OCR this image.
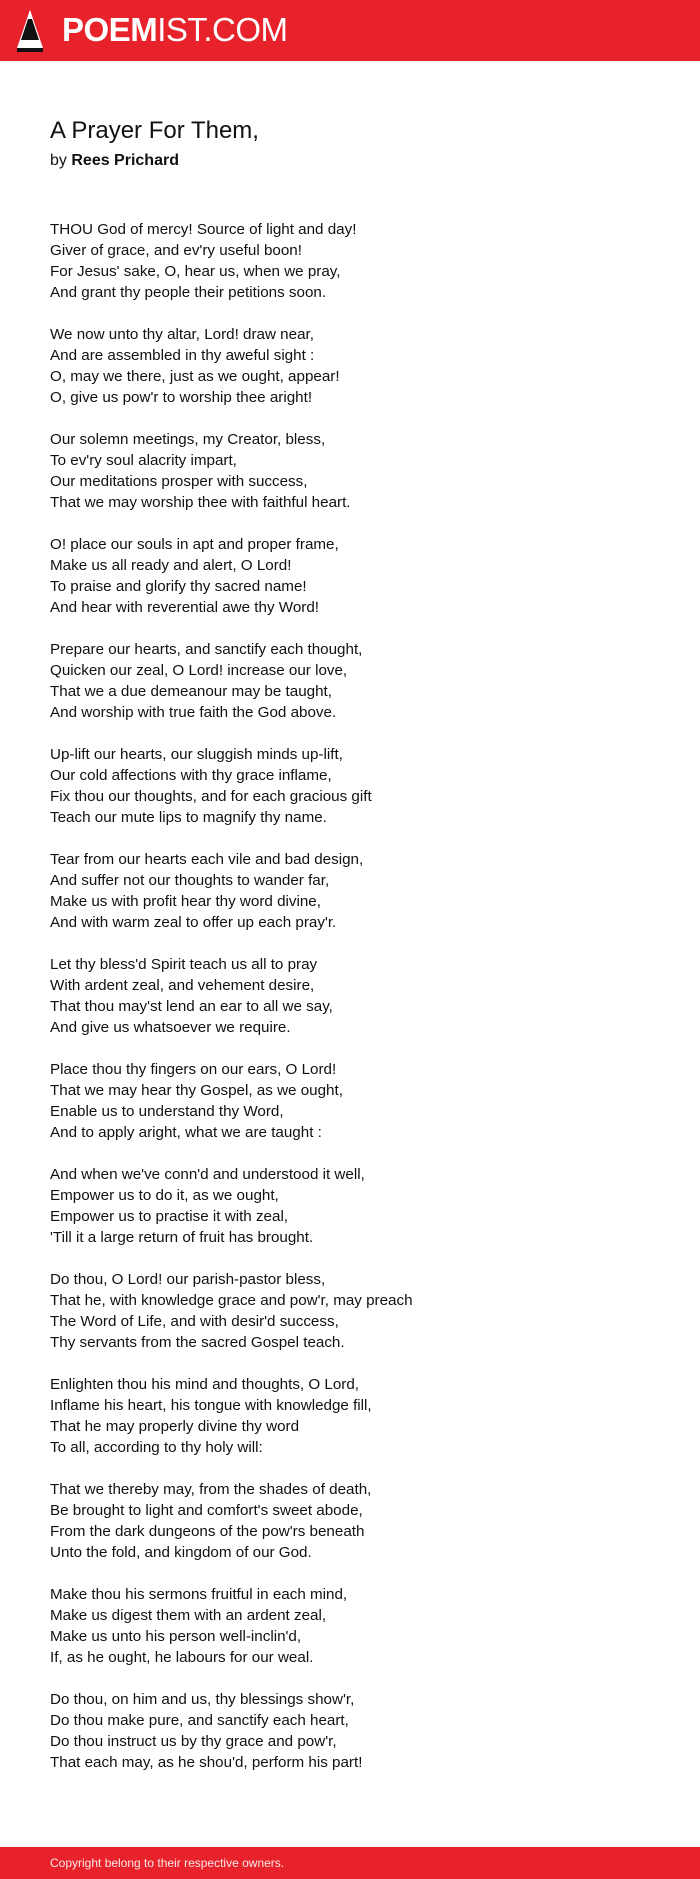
POEMIST.COM
A Prayer For Them,
by Rees Prichard
THOU God of mercy! Source of light and day!
Giver of grace, and ev'ry useful boon!
For Jesus' sake, O, hear us, when we pray,
And grant thy people their petitions soon.
We now unto thy altar, Lord! draw near,
And are assembled in thy aweful sight :
O, may we there, just as we ought, appear!
O, give us pow'r to worship thee aright!
Our solemn meetings, my Creator, bless,
To ev'ry soul alacrity impart,
Our meditations prosper with success,
That we may worship thee with faithful heart.
O! place our souls in apt and proper frame,
Make us all ready and alert, O Lord!
To praise and glorify thy sacred name!
And hear with reverential awe thy Word!
Prepare our hearts, and sanctify each thought,
Quicken our zeal, O Lord! increase our love,
That we a due demeanour may be taught,
And worship with true faith the God above.
Up-lift our hearts, our sluggish minds up-lift,
Our cold affections with thy grace inflame,
Fix thou our thoughts, and for each gracious gift
Teach our mute lips to magnify thy name.
Tear from our hearts each vile and bad design,
And suffer not our thoughts to wander far,
Make us with profit hear thy word divine,
And with warm zeal to offer up each pray'r.
Let thy bless'd Spirit teach us all to pray
With ardent zeal, and vehement desire,
That thou may'st lend an ear to all we say,
And give us whatsoever we require.
Place thou thy fingers on our ears, O Lord!
That we may hear thy Gospel, as we ought,
Enable us to understand thy Word,
And to apply aright, what we are taught :
And when we've conn'd and understood it well,
Empower us to do it, as we ought,
Empower us to practise it with zeal,
'Till it a large return of fruit has brought.
Do thou, O Lord! our parish-pastor bless,
That he, with knowledge grace and pow'r, may preach
The Word of Life, and with desir'd success,
Thy servants from the sacred Gospel teach.
Enlighten thou his mind and thoughts, O Lord,
Inflame his heart, his tongue with knowledge fill,
That he may properly divine thy word
To all, according to thy holy will:
That we thereby may, from the shades of death,
Be brought to light and comfort's sweet abode,
From the dark dungeons of the pow'rs beneath
Unto the fold, and kingdom of our God.
Make thou his sermons fruitful in each mind,
Make us digest them with an ardent zeal,
Make us unto his person well-inclin'd,
If, as he ought, he labours for our weal.
Do thou, on him and us, thy blessings show'r,
Do thou make pure, and sanctify each heart,
Do thou instruct us by thy grace and pow'r,
That each may, as he shou'd, perform his part!
Copyright belong to their respective owners.
